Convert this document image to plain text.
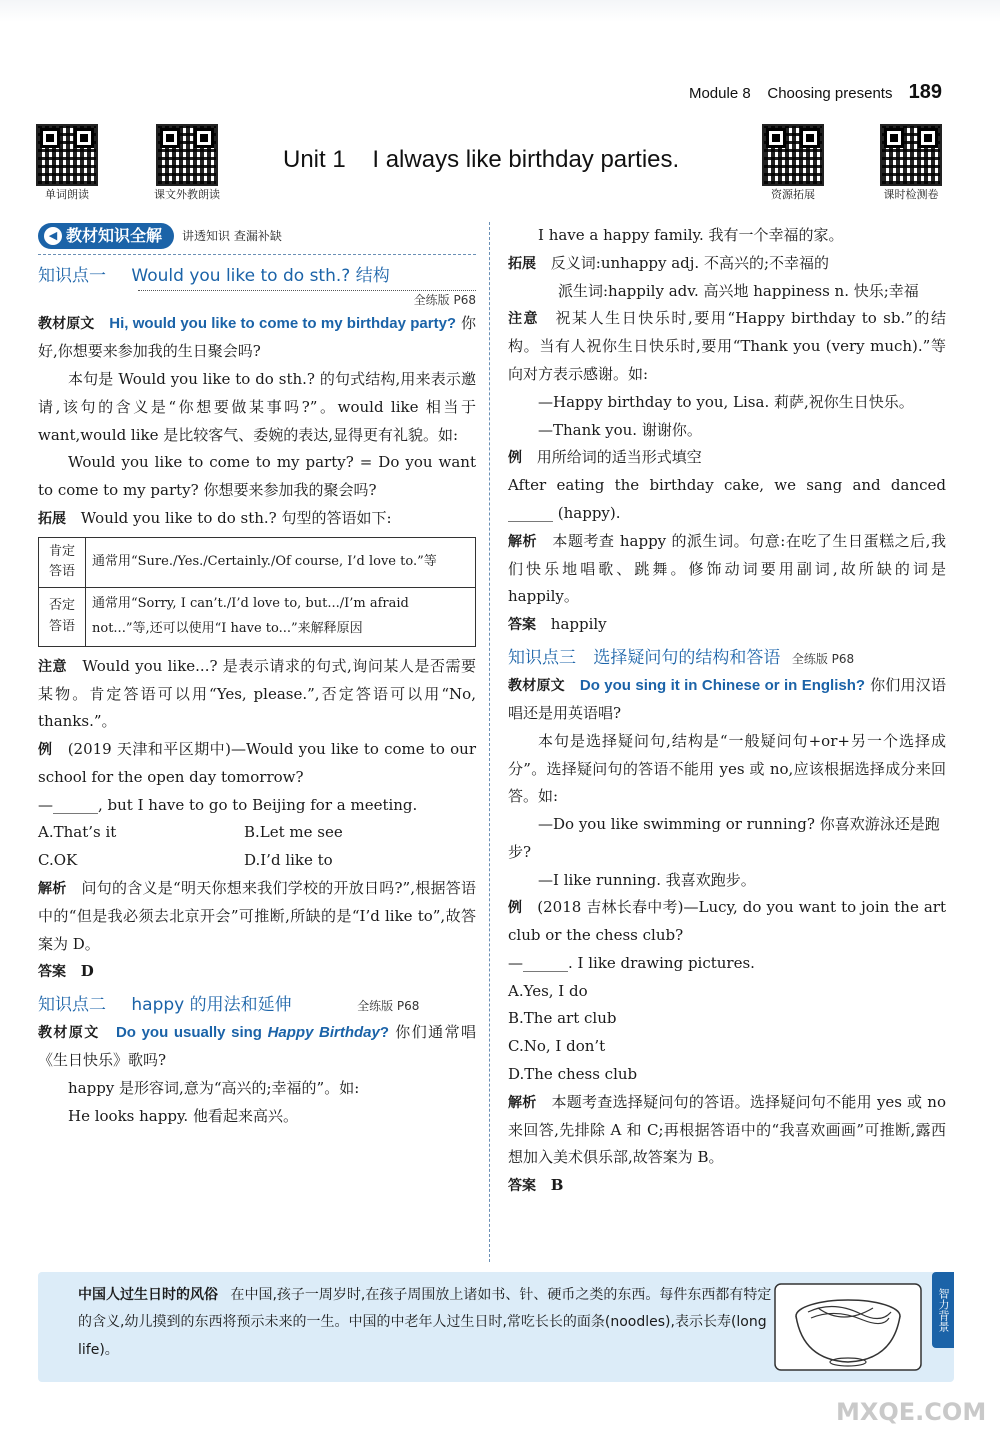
Module 8 Choosing presents 189
单词朗读	课文外教朗读	资源拓展	课时检测卷
Unit 1    I always like birthday parties.
◀ 教材知识全解 讲透知识 查漏补缺
知识点一 Would you like to do sth.? 结构
全练版 P68

教材原文 Hi, would you like to come to my birthday party? 你好,你想要来参加我的生日聚会吗?

本句是 Would you like to do sth.? 的句式结构,用来表示邀请,该句的含义是“你想要做某事吗?”。would like 相当于 want,would like 是比较客气、委婉的表达,显得更有礼貌。如:

Would you like to come to my party? = Do you want to come to my party? 你想要来参加我的聚会吗?

拓展 Would you like to do sth.? 句型的答语如下:

肯定答语	通常用“Sure./Yes./Certainly./Of course, I’d love to.”等
否定答语	通常用“Sorry, I can’t./I’d love to, but.../I’m afraid not...”等,还可以使用“I have to...”来解释原因

注意 Would you like...? 是表示请求的句式,询问某人是否需要某物。肯定答语可以用“Yes, please.”,否定答语可以用“No, thanks.”。

例 (2019 天津和平区期中)—Would you like to come to our school for the open day tomorrow?

—______, but I have to go to Beijing for a meeting.

A.That’s it	B.Let me see
C.OK	D.I’d like to

解析 问句的含义是“明天你想来我们学校的开放日吗?”,根据答语中的“但是我必须去北京开会”可推断,所缺的是“I’d like to”,故答案为 D。

答案 D

知识点二 happy 的用法和延伸	全练版 P68

教材原文 Do you usually sing Happy Birthday? 你们通常唱《生日快乐》歌吗?

happy 是形容词,意为“高兴的;幸福的”。如:

He looks happy. 他看起来高兴。

I have a happy family. 我有一个幸福的家。

拓展 反义词:unhappy adj. 不高兴的;不幸福的

派生词:happily adv. 高兴地 happiness n. 快乐;幸福

注意 祝某人生日快乐时,要用“Happy birthday to sb.”的结构。当有人祝你生日快乐时,要用“Thank you (very much).”等向对方表示感谢。如:

—Happy birthday to you, Lisa. 莉萨,祝你生日快乐。

—Thank you. 谢谢你。

例 用所给词的适当形式填空

After eating the birthday cake, we sang and danced ______ (happy).

解析 本题考查 happy 的派生词。句意:在吃了生日蛋糕之后,我们快乐地唱歌、跳舞。修饰动词要用副词,故所缺的词是 happily。

答案 happily

知识点三 选择疑问句的结构和答语 全练版 P68

教材原文 Do you sing it in Chinese or in English? 你们用汉语唱还是用英语唱?

本句是选择疑问句,结构是“一般疑问句+or+另一个选择成分”。选择疑问句的答语不能用 yes 或 no,应该根据选择成分来回答。如:

—Do you like swimming or running? 你喜欢游泳还是跑步?

—I like running. 我喜欢跑步。

例 (2018 吉林长春中考)—Lucy, do you want to join the art club or the chess club?

—______. I like drawing pictures.

A.Yes, I do
B.The art club
C.No, I don’t
D.The chess club

解析 本题考查选择疑问句的答语。选择疑问句不能用 yes 或 no 来回答,先排除 A 和 C;再根据答语中的“我喜欢画画”可推断,露西想加入美术俱乐部,故答案为 B。

答案 B

中国人过生日时的风俗 在中国,孩子一周岁时,在孩子周围放上诸如书、针、硬币之类的东西。每件东西都有特定的含义,幼儿摸到的东西将预示未来的一生。中国的中老年人过生日时,常吃长长的面条(noodles),表示长寿(long life)。
智力背景
MXQE.COM
